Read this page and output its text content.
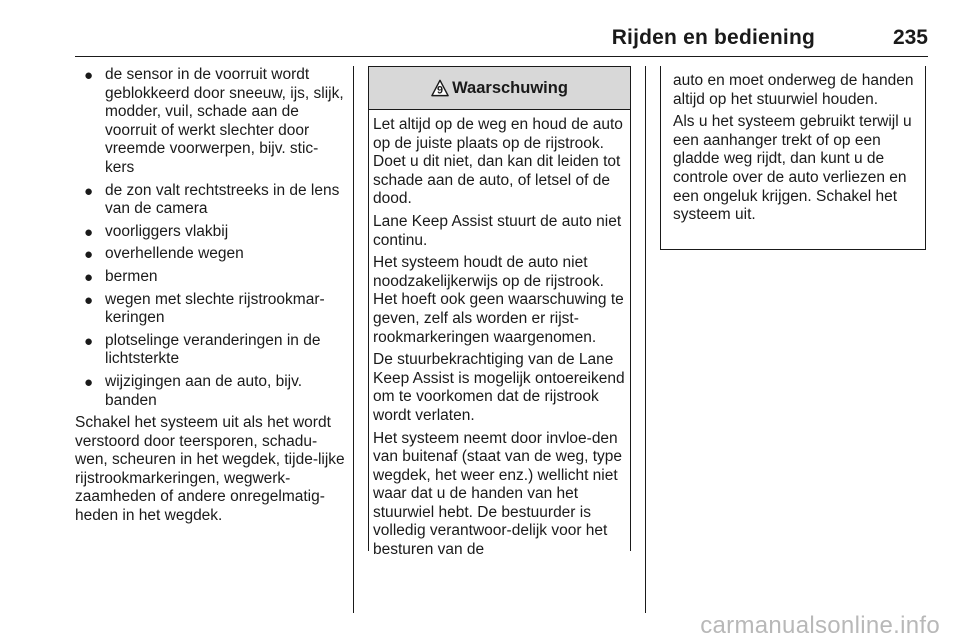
Rijden en bediening	235
● de sensor in de voorruit wordt geblokkeerd door sneeuw, ijs, slijk, modder, vuil, schade aan de voorruit of werkt slechter door vreemde voorwerpen, bijv. stic-kers
● de zon valt rechtstreeks in de lens van de camera
● voorliggers vlakbij
● overhellende wegen
● bermen
● wegen met slechte rijstrookmar-keringen
● plotselinge veranderingen in de lichtsterkte
● wijzigingen aan de auto, bijv. banden

Schakel het systeem uit als het wordt verstoord door teersporen, schadu-wen, scheuren in het wegdek, tijde-lijke rijstrookmarkeringen, wegwerk-zaamheden of andere onregelmatig-heden in het wegdek.

9 Waarschuwing

Let altijd op de weg en houd de auto op de juiste plaats op de rijstrook. Doet u dit niet, dan kan dit leiden tot schade aan de auto, of letsel of de dood.

Lane Keep Assist stuurt de auto niet continu.

Het systeem houdt de auto niet noodzakelijkerwijs op de rijstrook. Het hoeft ook geen waarschuwing te geven, zelf als worden er rijst-rookmarkeringen waargenomen.

De stuurbekrachtiging van de Lane Keep Assist is mogelijk ontoereikend om te voorkomen dat de rijstrook wordt verlaten.

Het systeem neemt door invloe-den van buitenaf (staat van de weg, type wegdek, het weer enz.) wellicht niet waar dat u de handen van het stuurwiel hebt. De bestuurder is volledig verantwoor-delijk voor het besturen van de

auto en moet onderweg de handen altijd op het stuurwiel houden.

Als u het systeem gebruikt terwijl u een aanhanger trekt of op een gladde weg rijdt, dan kunt u de controle over de auto verliezen en een ongeluk krijgen. Schakel het systeem uit.

carmanualsonline.info
